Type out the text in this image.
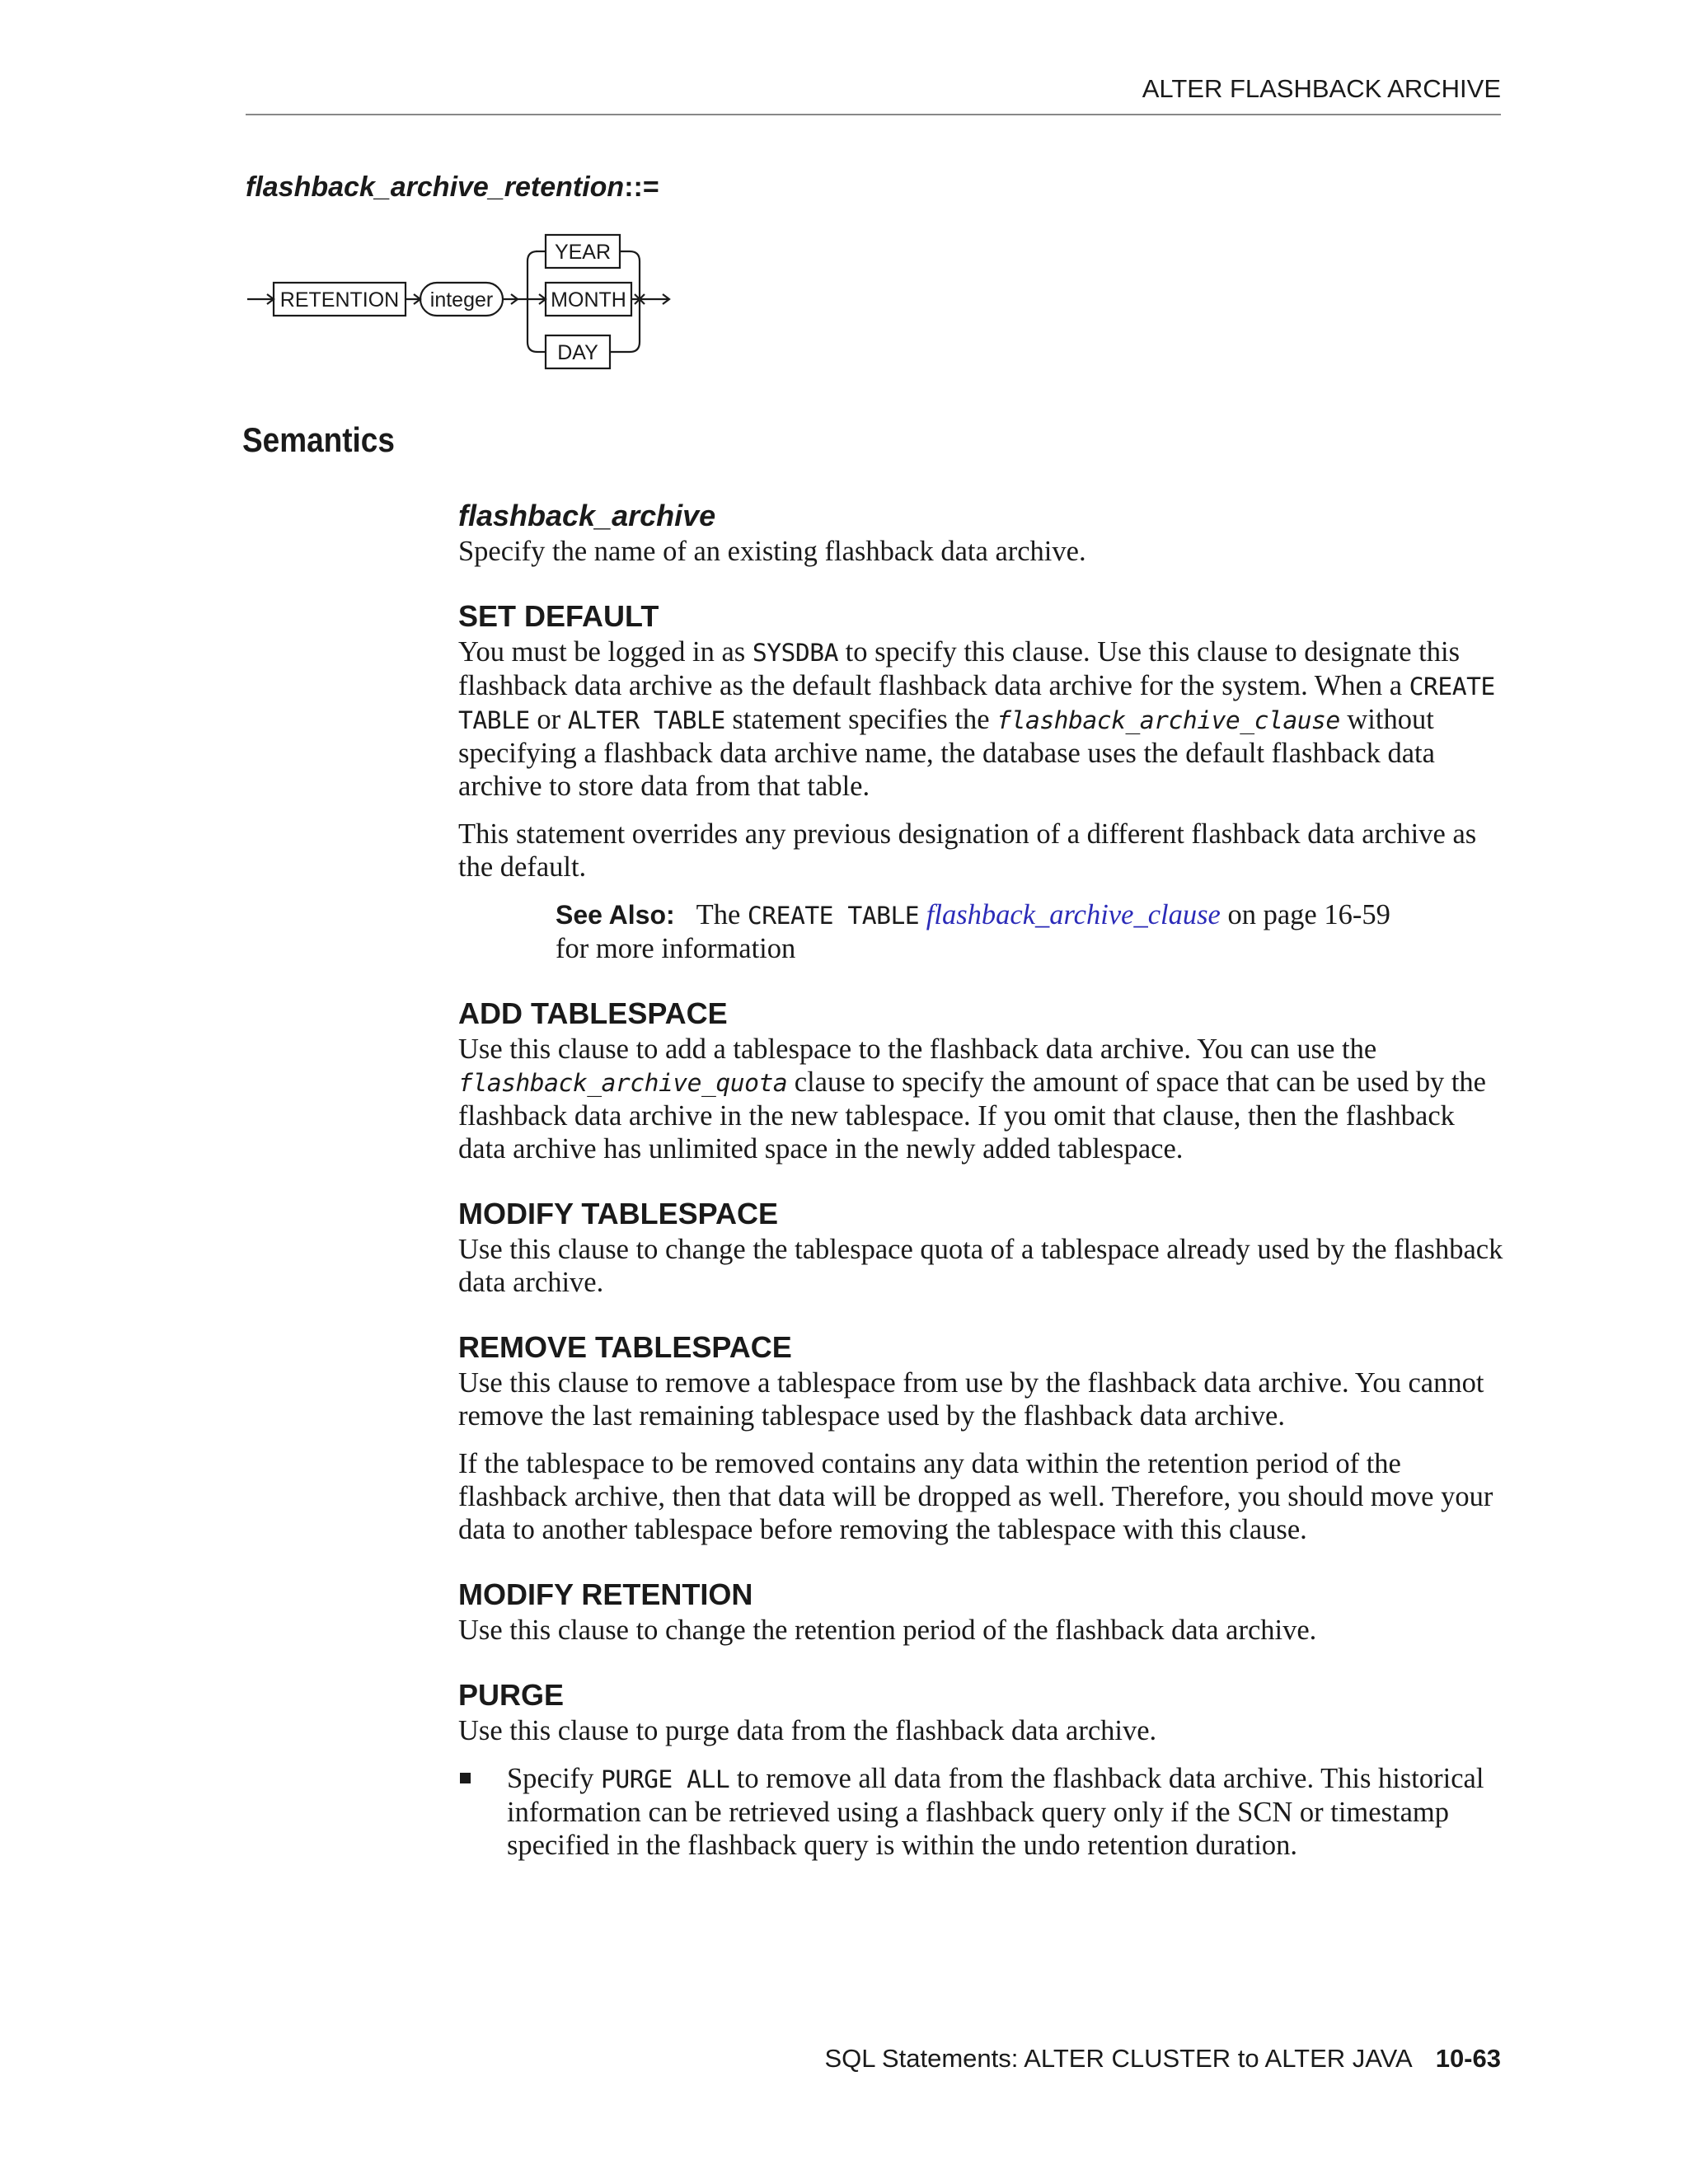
ALTER FLASHBACK ARCHIVE
flashback_archive_retention::=
RETENTION integer
YEAR
MONTH
DAY
Semantics
flashback_archive

Specify the name of an existing flashback data archive.

SET DEFAULT

You must be logged in as SYSDBA to specify this clause. Use this clause to designate this flashback data archive as the default flashback data archive for the system. When a CREATE TABLE or ALTER TABLE statement specifies the flashback_archive_clause without specifying a flashback data archive name, the database uses the default flashback data archive to store data from that table.

This statement overrides any previous designation of a different flashback data archive as the default.

See Also: The CREATE TABLE flashback_archive_clause on page 16-59
for more information
ADD TABLESPACE

Use this clause to add a tablespace to the flashback data archive. You can use the flashback_archive_quota clause to specify the amount of space that can be used by the flashback data archive in the new tablespace. If you omit that clause, then the flashback data archive has unlimited space in the newly added tablespace.

MODIFY TABLESPACE

Use this clause to change the tablespace quota of a tablespace already used by the flashback data archive.

REMOVE TABLESPACE

Use this clause to remove a tablespace from use by the flashback data archive. You cannot remove the last remaining tablespace used by the flashback data archive.

If the tablespace to be removed contains any data within the retention period of the flashback archive, then that data will be dropped as well. Therefore, you should move your data to another tablespace before removing the tablespace with this clause.

MODIFY RETENTION

Use this clause to change the retention period of the flashback data archive.

PURGE

Use this clause to purge data from the flashback data archive.

Specify PURGE ALL to remove all data from the flashback data archive. This historical information can be retrieved using a flashback query only if the SCN or timestamp specified in the flashback query is within the undo retention duration.
SQL Statements: ALTER CLUSTER to ALTER JAVA 10-63
